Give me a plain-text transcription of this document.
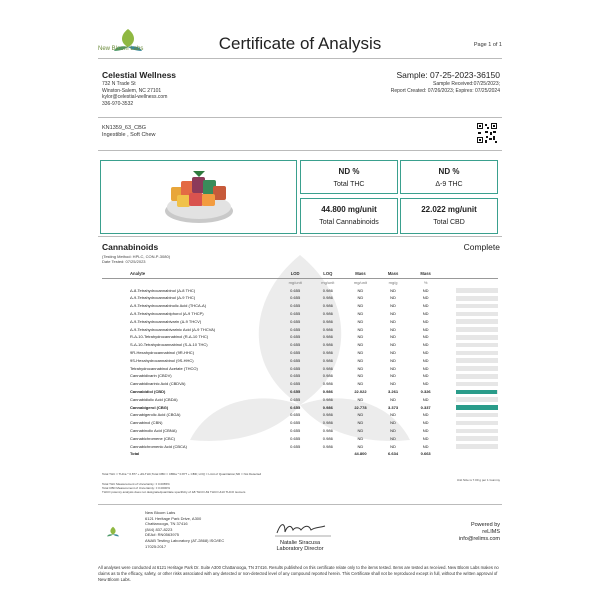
New Bloom Labs	Certificate of Analysis	Page 1 of 1
Celestial Wellness
732 N Trade St
Winston-Salem, NC 27101
kylor@celestial-wellness.com
336-970-3532
Sample: 07-25-2023-36150
Sample Received:07/25/2023;
Report Created: 07/26/2023; Expires: 07/25/2024
KN1359_63_CBG
Ingestible , Soft Chew
ND %
Total THC
ND %
Δ-9 THC
44.800 mg/unit
Total Cannabinoids
22.022 mg/unit
Total CBD
Cannabinoids	Complete
(Testing Method: HPLC, CON-P-3080)
Date Tested: 07/25/2023
Analyte	LOD	LOQ	Mass	Mass	Mass	
	mg/unit	mg/unit	mg/unit	mg/g	%	
Δ-8-Tetrahydrocannabinol (Δ-8 THC)	0.655	0.986	ND	ND	ND	

Δ-9-Tetrahydrocannabinol (Δ-9 THC)	0.655	0.986	ND	ND	ND	

Δ-9-Tetrahydrocannabinolic Acid (THCA-A)	0.655	0.986	ND	ND	ND	

Δ-9-Tetrahydrocannabiphorol (Δ-9 THCP)	0.655	0.986	ND	ND	ND	

Δ-9-Tetrahydrocannabivarin (Δ-9 THCV)	0.655	0.986	ND	ND	ND	

Δ-9-Tetrahydrocannabivarinic Acid (Δ-9 THCVA)	0.655	0.986	ND	ND	ND	

R-Δ-10-Tetrahydrocannabinol (R-Δ-10 THC)	0.655	0.986	ND	ND	ND	

S-Δ-10-Tetrahydrocannabinol (S-Δ-10 THC)	0.655	0.986	ND	ND	ND	

9R-Hexahydrocannabinol (9R-HHC)	0.655	0.986	ND	ND	ND	

9S-Hexahydrocannabinol (9S-HHC)	0.655	0.986	ND	ND	ND	

Tetrahydrocannabinol Acetate (THCO)	0.655	0.986	ND	ND	ND	

Cannabidivarin (CBDV)	0.655	0.986	ND	ND	ND	

Cannabidivarinic Acid (CBDVA)	0.655	0.986	ND	ND	ND	

Cannabidiol (CBD)	0.655	0.986	22.022	3.261	0.326	

Cannabidiolic Acid (CBDA)	0.655	0.986	ND	ND	ND	

Cannabigerol (CBG)	0.655	0.986	22.778	3.373	0.337	

Cannabigerolic Acid (CBGA)	0.655	0.986	ND	ND	ND	

Cannabinol (CBN)	0.655	0.986	ND	ND	ND	

Cannabinolic Acid (CBNA)	0.655	0.986	ND	ND	ND	

Cannabichromene (CBC)	0.655	0.986	ND	ND	ND	

Cannabichromenic Acid (CBCA)	0.655	0.986	ND	ND	ND	

Total			44.800	6.634	0.663	
Total THC = THCa * 0.877 + Δ9-THC;Total CBD = CBDa * 0.877 + CBD; LOQ = Limit of Quantitation;ND = Not Detected
Unit Size is 7.00 g per 1 Gummy
Total THC Measurement of Uncertainty: ± 0.0065%
Total CBD Measurement of Uncertainty: ± 0.0000%
THCO potency analysis does not designate/quantitate specificity of Δ8 THCO Δ9 THCO Δ10 THCO isomers
New Bloom Labs
6121 Heritage Park Drive, A300
Chattanooga, TN 37416
(844) 837-8223
DEA#: RN0563975
ANAB Testing Laboratory (AT-2868) ISO/IEC
17025:2017
Natalie Siracusa
Laboratory Director
Powered by
reLIMS
info@relims.com
All analyses were conducted at 6121 Heritage Park Dr. Suite A300 Chattanooga, TN 37416. Results published on this certificate relate only to the items tested. Items are tested as received. New Bloom Labs makes no claims as to the efficacy, safety, or other risks associated with any detected or non-detected level of any compound reported herein. This Certificate shall not be reproduced except in full, without the written approval of New Bloom Labs.
